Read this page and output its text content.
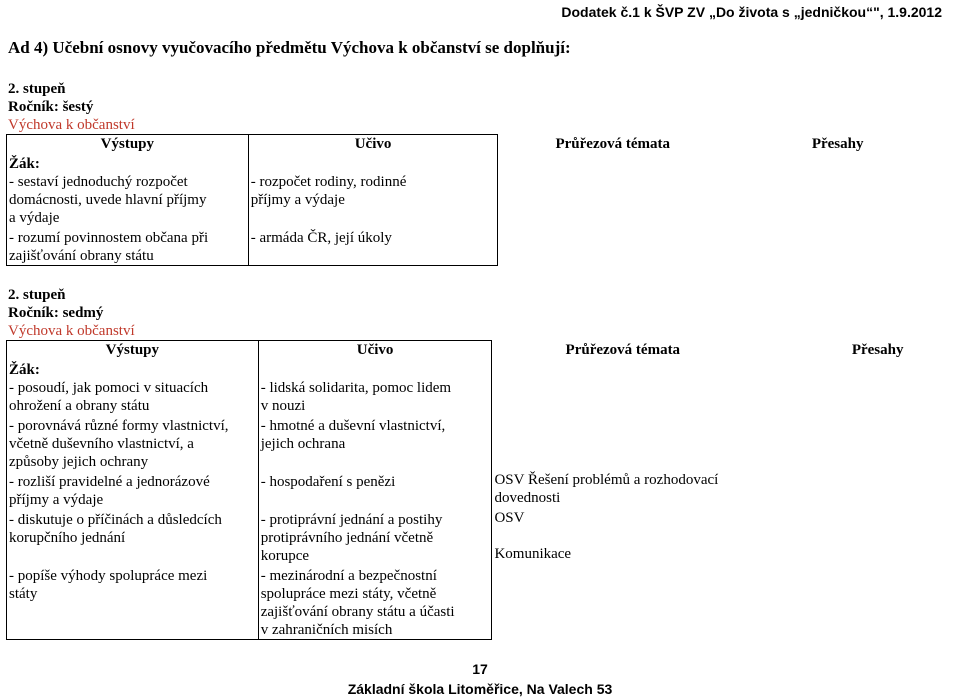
Dodatek č.1 k ŠVP ZV „Do života s „jedničkou“", 1.9.2012
Ad 4) Učební osnovy vyučovacího předmětu Výchova k občanství se doplňují:
2. stupeň
Ročník: šestý
Výchova k občanství
Výstupy	Učivo	Průřezová témata	Přesahy
Žák:			

- sestaví jednoduchý rozpočet
domácnosti, uvede hlavní příjmy
a výdaje	- rozpočet rodiny, rodinné
příjmy a výdaje		

- rozumí povinnostem občana při
zajišťování obrany státu	- armáda ČR, její úkoly		

2. stupeň
Ročník: sedmý
Výchova k občanství
Výstupy	Učivo	Průřezová témata	Přesahy
Žák:			

- posoudí, jak pomoci v situacích
ohrožení a obrany státu	- lidská solidarita, pomoc lidem
v nouzi		

- porovnává různé formy vlastnictví,
včetně duševního vlastnictví, a
způsoby jejich ochrany	- hmotné a duševní vlastnictví,
jejich ochrana		

- rozliší pravidelné a jednorázové
příjmy a výdaje	- hospodaření s penězi	OSV Řešení problémů a rozhodovací
dovednosti	

- diskutuje o příčinách a důsledcích
korupčního jednání	- protiprávní jednání a postihy
protiprávního jednání včetně
korupce	OSV

Komunikace	

- popíše výhody spolupráce mezi
státy	- mezinárodní a bezpečnostní
spolupráce mezi státy, včetně
zajišťování obrany státu a účasti
v zahraničních misích		

17
Základní škola Litoměřice, Na Valech 53
